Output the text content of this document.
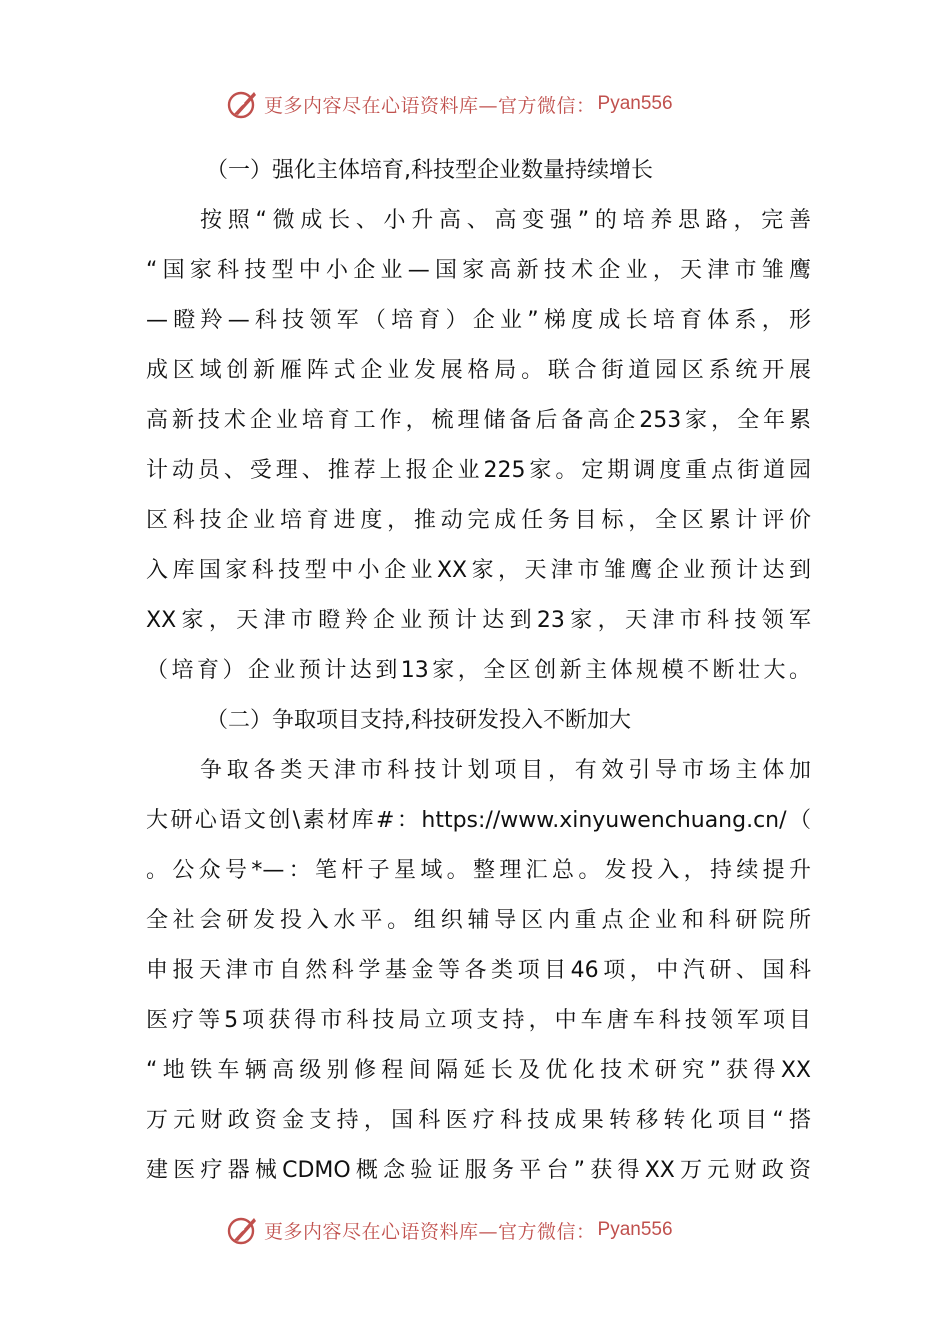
更多内容尽在心语资料库—官方微信： Pyan556
（一）强化主体培育,科技型企业数量持续增长
按照“微成长、小升高、高变强”的培养思路，完善
“国家科技型中小企业—国家高新技术企业，天津市雏鹰
—瞪羚—科技领军（培育）企业”梯度成长培育体系，形
成区域创新雁阵式企业发展格局。联合街道园区系统开展
高新技术企业培育工作，梳理储备后备高企253家，全年累
计动员、受理、推荐上报企业225家。定期调度重点街道园
区科技企业培育进度，推动完成任务目标，全区累计评价
入库国家科技型中小企业XX家，天津市雏鹰企业预计达到
XX家，天津市瞪羚企业预计达到23家，天津市科技领军
（培育）企业预计达到13家，全区创新主体规模不断壮大。
（二）争取项目支持,科技研发投入不断加大
争取各类天津市科技计划项目，有效引导市场主体加
大研心语文创\素材库#：https://www.xinyuwenchuang.cn/（
。公众号*—：笔杆子星域。整理汇总。发投入，持续提升
全社会研发投入水平。组织辅导区内重点企业和科研院所
申报天津市自然科学基金等各类项目46项，中汽研、国科
医疗等5项获得市科技局立项支持，中车唐车科技领军项目
“地铁车辆高级别修程间隔延长及优化技术研究”获得XX
万元财政资金支持，国科医疗科技成果转移转化项目“搭
建医疗器械CDMO概念验证服务平台”获得XX万元财政资
更多内容尽在心语资料库—官方微信： Pyan556
